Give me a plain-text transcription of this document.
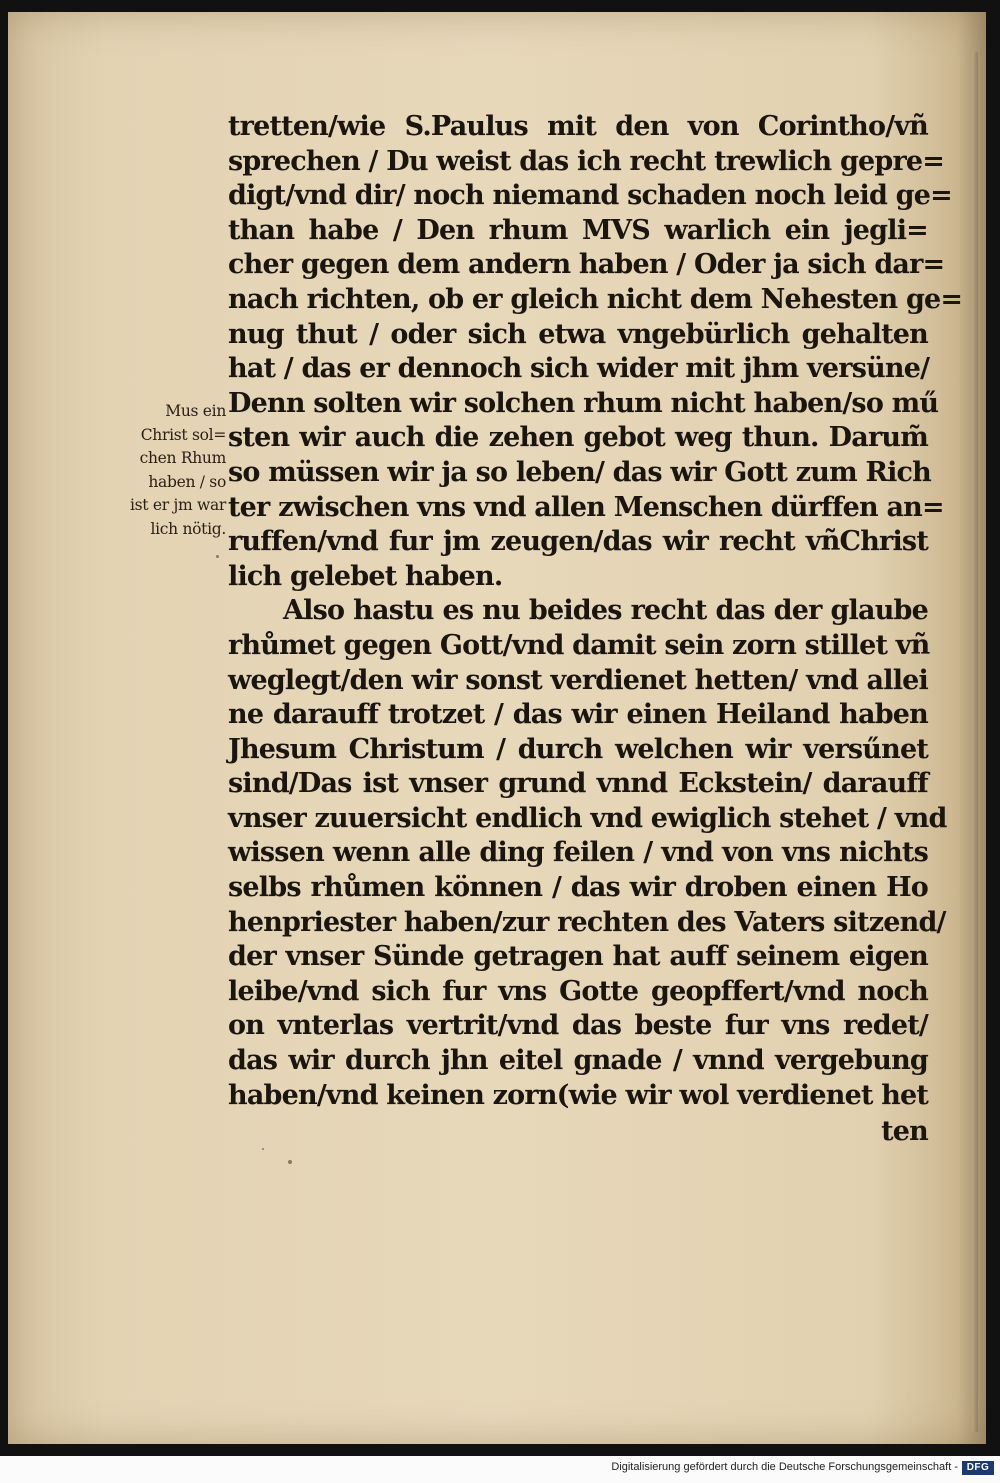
tretten/wie S.Paulus mit den von Corintho/vñ
sprechen / Du weist das ich recht trewlich gepre=
digt/vnd dir/ noch niemand schaden noch leid ge=
than habe / Den rhum MVS warlich ein jegli=
cher gegen dem andern haben / Oder ja sich dar=
nach richten, ob er gleich nicht dem Nehesten ge=
nug thut / oder sich etwa vngebürlich gehalten
hat / das er dennoch sich wider mit jhm versüne/
Denn solten wir solchen rhum nicht haben/so mű
sten wir auch die zehen gebot weg thun. Darum̃
so müssen wir ja so leben/ das wir Gott zum Rich
ter zwischen vns vnd allen Menschen dürffen an=
ruffen/vnd fur jm zeugen/das wir recht vñChrist
lich gelebet haben.
Also hastu es nu beides recht das der glaube
rhůmet gegen Gott/vnd damit sein zorn stillet vñ
weglegt/den wir sonst verdienet hetten/ vnd allei
ne darauff trotzet / das wir einen Heiland haben
Jhesum Christum / durch welchen wir versűnet
sind/Das ist vnser grund vnnd Eckstein/ darauff
vnser zuuersicht endlich vnd ewiglich stehet / vnd
wissen wenn alle ding feilen / vnd von vns nichts
selbs rhůmen können / das wir droben einen Ho
henpriester haben/zur rechten des Vaters sitzend/
der vnser Sünde getragen hat auff seinem eigen
leibe/vnd sich fur vns Gotte geopffert/vnd noch
on vnterlas vertrit/vnd das beste fur vns redet/
das wir durch jhn eitel gnade / vnnd vergebung
haben/vnd keinen zorn(wie wir wol verdienet het
ten
Mus ein
Christ sol=
chen Rhum
haben / so
ist er jm war
lich nötig.
Digitalisierung gefördert durch die Deutsche Forschungsgemeinschaft - DFG
